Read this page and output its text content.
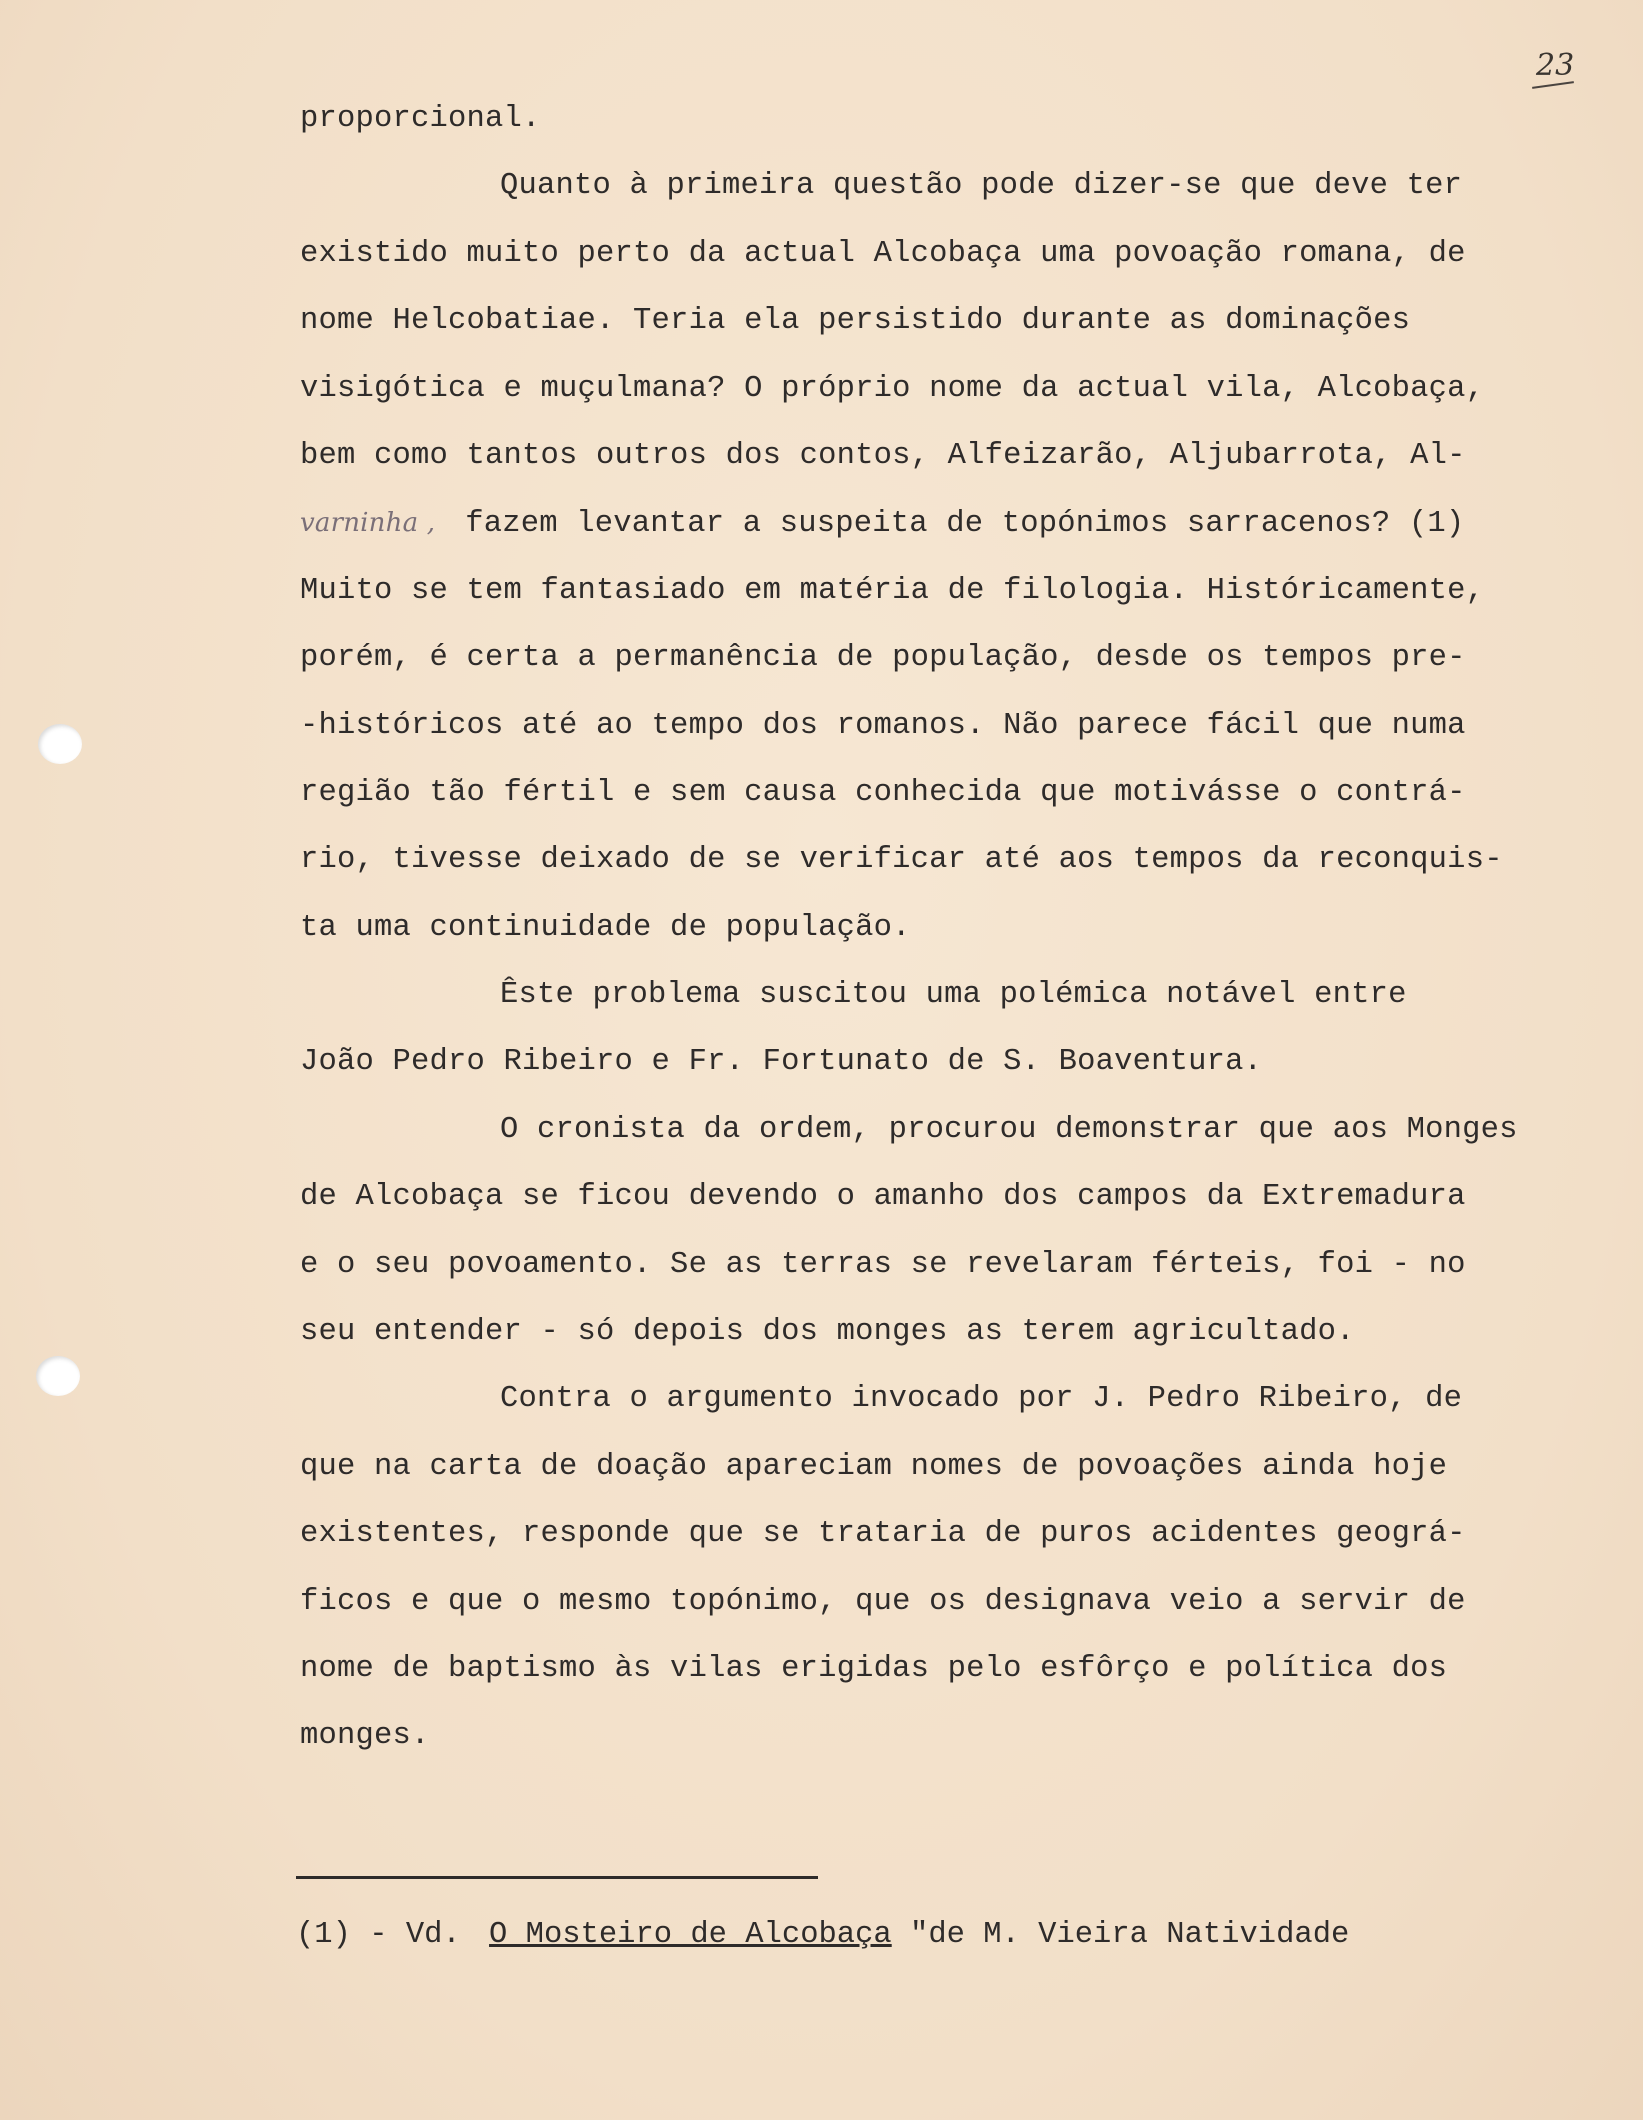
23
proporcional.
Quanto à primeira questão pode dizer-se que deve ter
existido muito perto da actual Alcobaça uma povoação romana, de
nome Helcobatiae. Teria ela persistido durante as dominações
visigótica e muçulmana? O próprio nome da actual vila, Alcobaça,
bem como tantos outros dos contos, Alfeizarão, Aljubarrota, Al-
varninha , fazem levantar a suspeita de topónimos sarracenos? (1)
Muito se tem fantasiado em matéria de filologia. Históricamente,
porém, é certa a permanência de população, desde os tempos pre-
-históricos até ao tempo dos romanos. Não parece fácil que numa
região tão fértil e sem causa conhecida que motivásse o contrá-
rio, tivesse deixado de se verificar até aos tempos da reconquis-
ta uma continuidade de população.
Êste problema suscitou uma polémica notável entre
João Pedro Ribeiro e Fr. Fortunato de S. Boaventura.
O cronista da ordem, procurou demonstrar que aos Monges
de Alcobaça se ficou devendo o amanho dos campos da Extremadura
e o seu povoamento. Se as terras se revelaram férteis, foi - no
seu entender - só depois dos monges as terem agricultado.
Contra o argumento invocado por J. Pedro Ribeiro, de
que na carta de doação apareciam nomes de povoações ainda hoje
existentes, responde que se trataria de puros acidentes geográ-
ficos e que o mesmo topónimo, que os designava veio a servir de
nome de baptismo às vilas erigidas pelo esfôrço e política dos
monges.
(1) - Vd. O Mosteiro de Alcobaça "de M. Vieira Natividade
